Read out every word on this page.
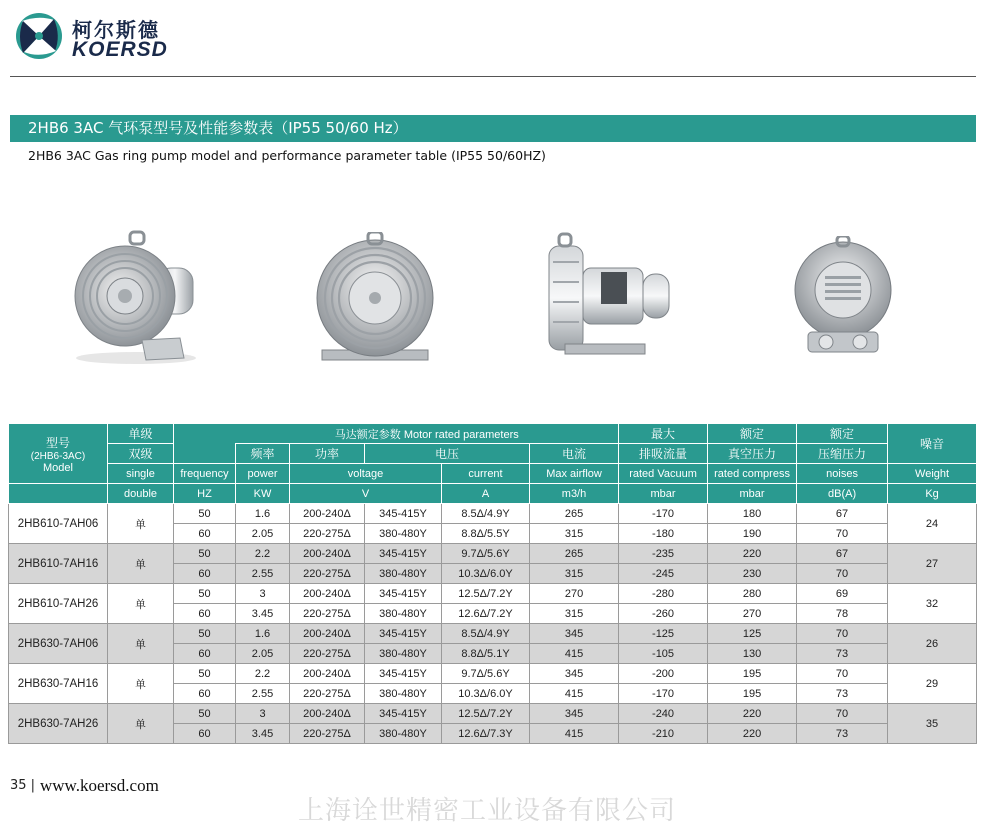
柯尔斯德
KOERSD
2HB6 3AC 气环泵型号及性能参数表（IP55 50/60 Hz）
2HB6 3AC Gas ring pump model and performance parameter table (IP55 50/60HZ)
型号
(2HB6-3AC)
Model	单级		马达额定参数 Motor rated parameters					最大	额定	额定	噪音	重量
	双级		频率	功率	电压		电流	排吸流量	真空压力	压缩压力		
	single	frequency	power	voltage		current	Max airflow	rated Vacuum	rated compress	noises	Weight	
	double	HZ	KW	V		A	m3/h	mbar	mbar	dB(A)	Kg	
2HB610-7AH06	单	50	1.6	200-240Δ	345-415Y	8.5Δ/4.9Y	265	-170	180	67	24	
		60	2.05	220-275Δ	380-480Y	8.8Δ/5.5Y	315	-180	190	70		
2HB610-7AH16	单	50	2.2	200-240Δ	345-415Y	9.7Δ/5.6Y	265	-235	220	67	27	
		60	2.55	220-275Δ	380-480Y	10.3Δ/6.0Y	315	-245	230	70		
2HB610-7AH26	单	50	3	200-240Δ	345-415Y	12.5Δ/7.2Y	270	-280	280	69	32	
		60	3.45	220-275Δ	380-480Y	12.6Δ/7.2Y	315	-260	270	78		
2HB630-7AH06	单	50	1.6	200-240Δ	345-415Y	8.5Δ/4.9Y	345	-125	125	70	26	
		60	2.05	220-275Δ	380-480Y	8.8Δ/5.1Y	415	-105	130	73		
2HB630-7AH16	单	50	2.2	200-240Δ	345-415Y	9.7Δ/5.6Y	345	-200	195	70	29	
		60	2.55	220-275Δ	380-480Y	10.3Δ/6.0Y	415	-170	195	73		
2HB630-7AH26	单	50	3	200-240Δ	345-415Y	12.5Δ/7.2Y	345	-240	220	70	35	
		60	3.45	220-275Δ	380-480Y	12.6Δ/7.3Y	415	-210	220	73		
35 | www.koersd.com
上海诠世精密工业设备有限公司
